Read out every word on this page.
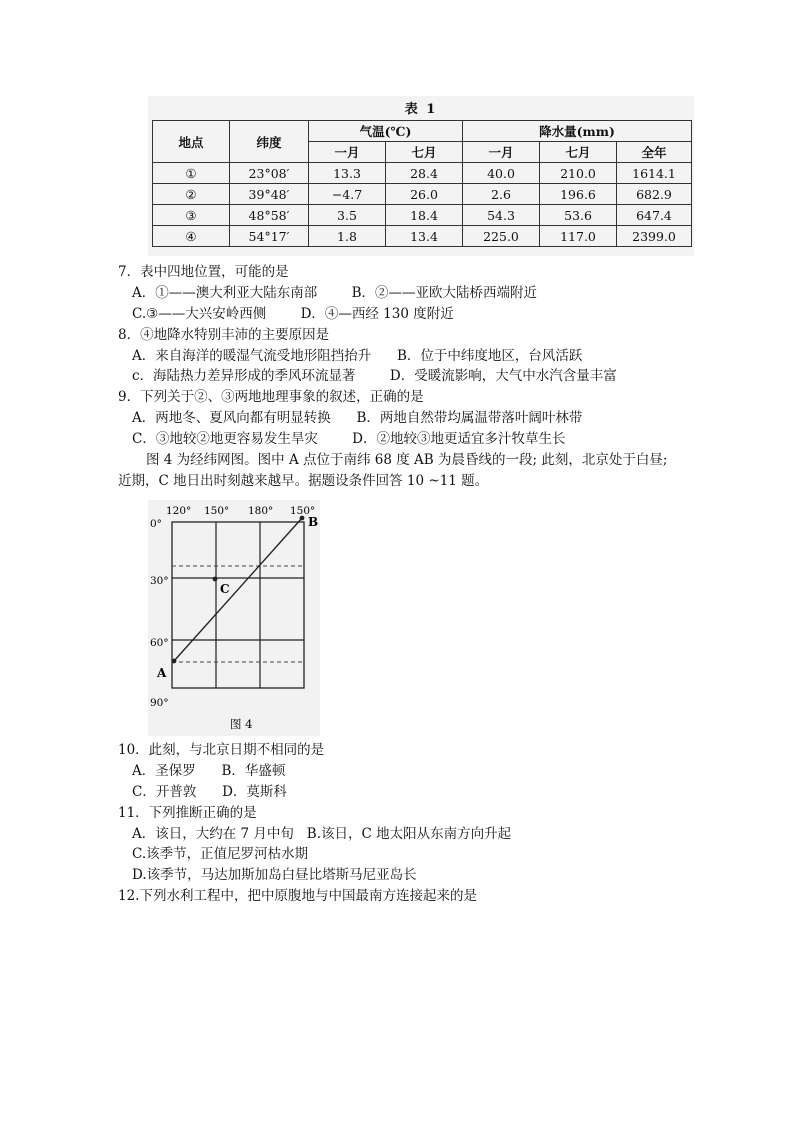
表 1
地点	纬度	气温(℃)		降水量(mm)		
		一月	七月	一月	七月	全年
①	23°08′	13.3	28.4	40.0	210.0	1614.1
②	39°48′	−4.7	26.0	2.6	196.6	682.9
③	48°58′	3.5	18.4	54.3	53.6	647.4
④	54°17′	1.8	13.4	225.0	117.0	2399.0
7．表中四地位置，可能的是
A．①——澳大利亚大陆东南部        B．②——亚欧大陆桥西端附近
C.③——大兴安岭西侧        D．④—西经 130 度附近
8．④地降水特别丰沛的主要原因是
A．来自海洋的暖湿气流受地形阻挡抬升      B．位于中纬度地区，台风活跃
c．海陆热力差异形成的季风环流显著        D．受暖流影响，大气中水汽含量丰富
9．下列关于②、③两地地理事象的叙述，正确的是
A．两地冬、夏风向都有明显转换      B．两地自然带均属温带落叶阔叶林带
C．③地较②地更容易发生旱灾        D．②地较③地更适宜多汁牧草生长
图 4 为经纬网图。图中 A 点位于南纬 68 度 AB 为晨昏线的一段; 此刻，北京处于白昼;
近期，C 地日出时刻越来越早。据题设条件回答 10 ~11 题。
120° 150° 180° 150°
0°
30°
60°
90°
A
B
C
图 4
10．此刻，与北京日期不相同的是
A．圣保罗      B．华盛顿
C．开普敦      D．莫斯科
11．下列推断正确的是
A．该日，大约在 7 月中旬   B.该日，C 地太阳从东南方向升起
C.该季节，正值尼罗河枯水期
D.该季节，马达加斯加岛白昼比塔斯马尼亚岛长
12.下列水利工程中，把中原腹地与中国最南方连接起来的是
